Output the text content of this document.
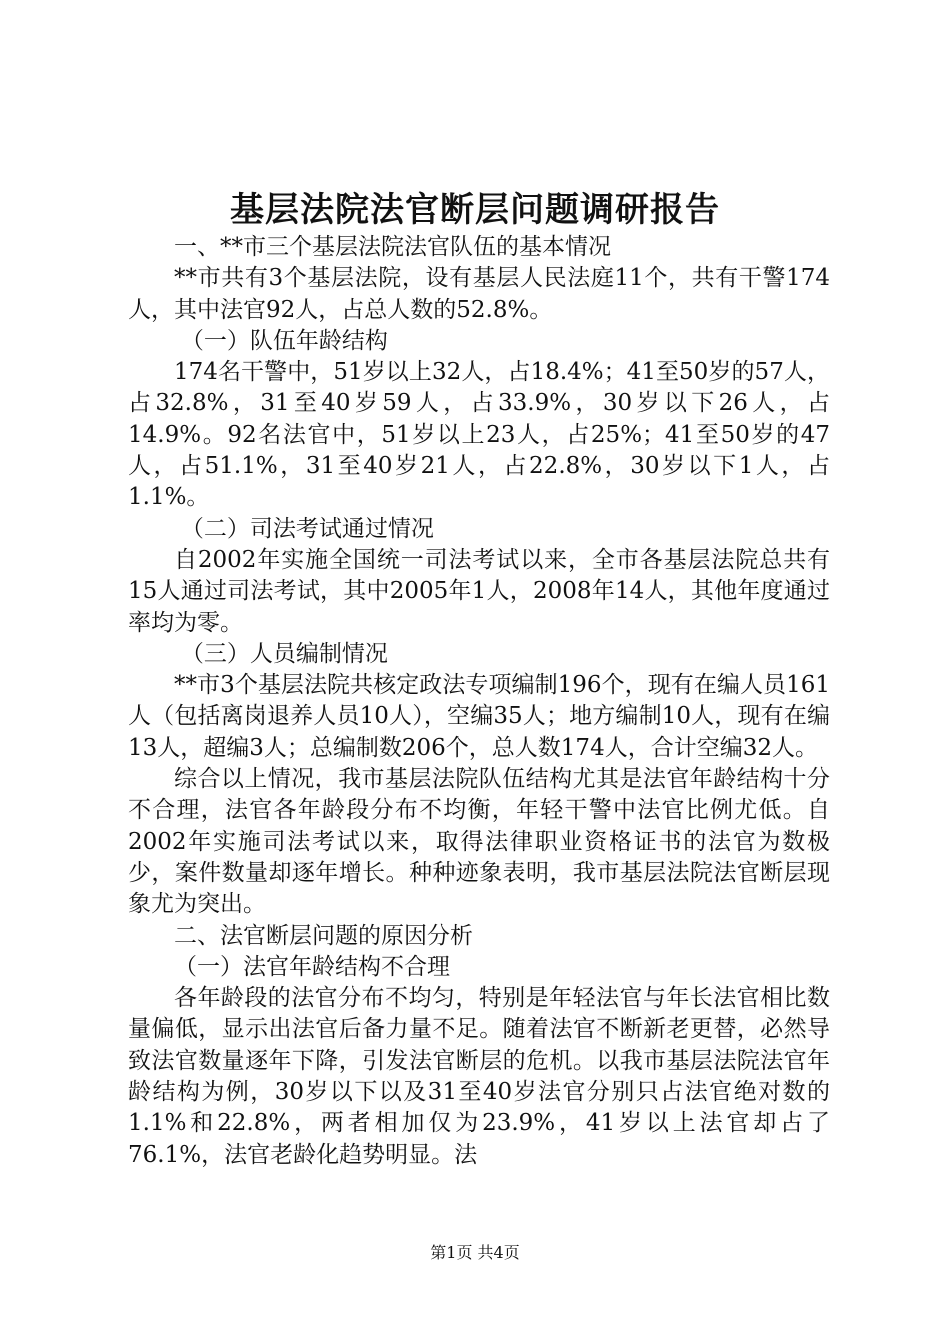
基层法院法官断层问题调研报告

一、**市三个基层法院法官队伍的基本情况

**市共有3个基层法院，设有基层人民法庭11个，共有干警174人，其中法官92人，占总人数的52.8%。

（一）队伍年龄结构

174名干警中，51岁以上32人，占18.4%；41至50岁的57人，占32.8%，31至40岁59人，占33.9%，30岁以下26人，占14.9%。92名法官中，51岁以上23人，占25%；41至50岁的47人，占51.1%，31至40岁21人，占22.8%，30岁以下1人，占1.1%。

（二）司法考试通过情况

自2002年实施全国统一司法考试以来，全市各基层法院总共有15人通过司法考试，其中2005年1人，2008年14人，其他年度通过率均为零。

（三）人员编制情况

**市3个基层法院共核定政法专项编制196个，现有在编人员161人（包括离岗退养人员10人），空编35人；地方编制10人，现有在编13人，超编3人；总编制数206个，总人数174人，合计空编32人。

综合以上情况，我市基层法院队伍结构尤其是法官年龄结构十分不合理，法官各年龄段分布不均衡，年轻干警中法官比例尤低。自2002年实施司法考试以来，取得法律职业资格证书的法官为数极少，案件数量却逐年增长。种种迹象表明，我市基层法院法官断层现象尤为突出。

二、法官断层问题的原因分析

（一）法官年龄结构不合理

各年龄段的法官分布不均匀，特别是年轻法官与年长法官相比数量偏低，显示出法官后备力量不足。随着法官不断新老更替，必然导致法官数量逐年下降，引发法官断层的危机。以我市基层法院法官年龄结构为例，30岁以下以及31至40岁法官分别只占法官绝对数的1.1%和22.8%，两者相加仅为23.9%，41岁以上法官却占了76.1%，法官老龄化趋势明显。法

第1页 共4页
